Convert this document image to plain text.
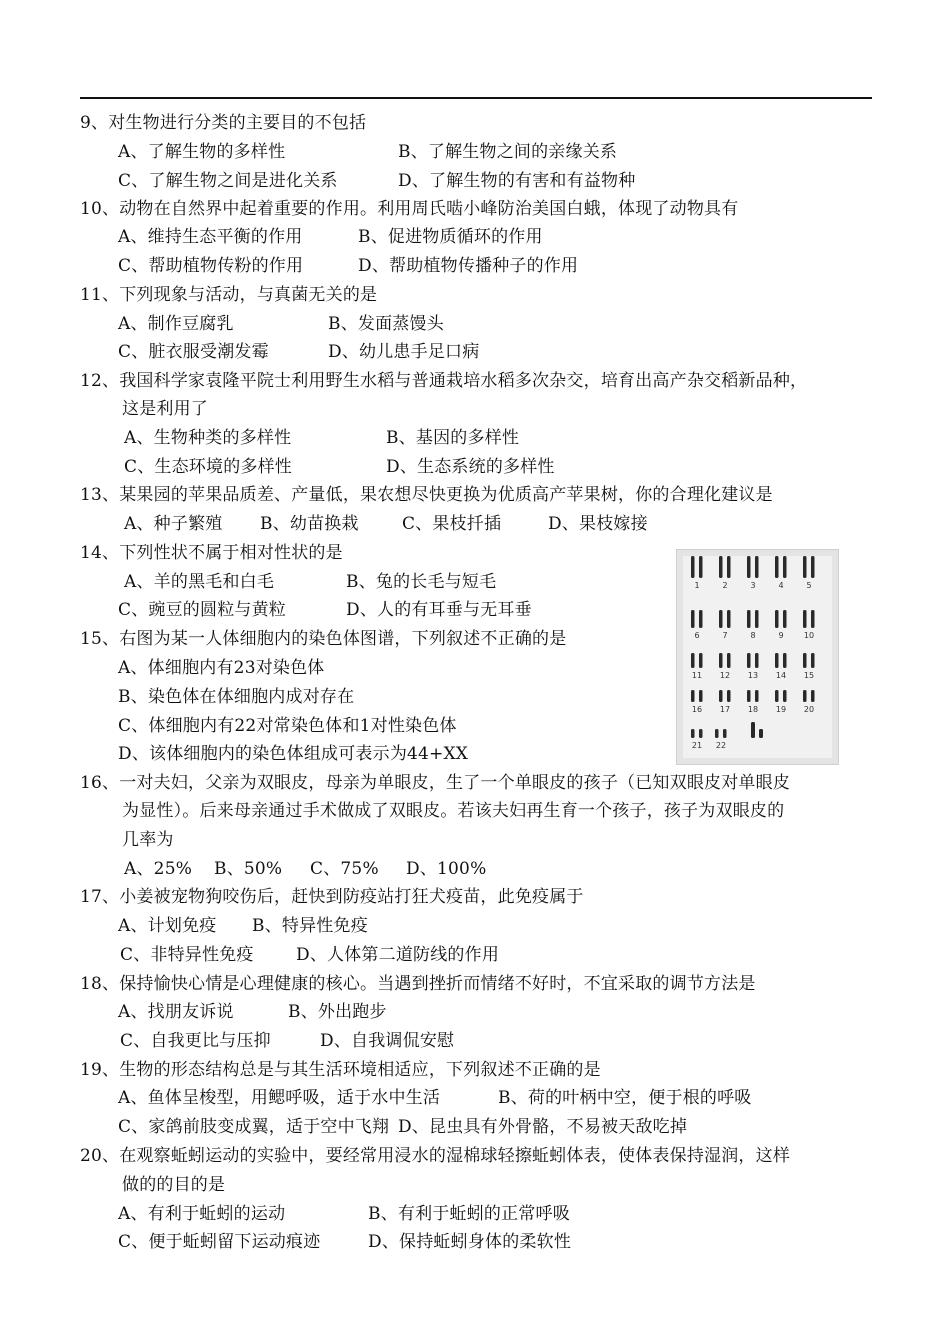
9、对生物进行分类的主要目的不包括
A、了解生物的多样性	B、了解生物之间的亲缘关系
C、了解生物之间是进化关系	D、了解生物的有害和有益物种
10、动物在自然界中起着重要的作用。利用周氏啮小峰防治美国白蛾，体现了动物具有
A、维持生态平衡的作用	B、促进物质循环的作用
C、帮助植物传粉的作用	D、帮助植物传播种子的作用
11、下列现象与活动，与真菌无关的是
A、制作豆腐乳	B、发面蒸馒头
C、脏衣服受潮发霉	D、幼儿患手足口病
12、我国科学家袁隆平院士利用野生水稻与普通栽培水稻多次杂交，培育出高产杂交稻新品种，
这是利用了
A、生物种类的多样性	B、基因的多样性
C、生态环境的多样性	D、生态系统的多样性
13、某果园的苹果品质差、产量低，果农想尽快更换为优质高产苹果树，你的合理化建议是
A、种子繁殖 B、幼苗换栽	C、果枝扦插	D、果枝嫁接
14、下列性状不属于相对性状的是
A、羊的黑毛和白毛	B、兔的长毛与短毛
C、豌豆的圆粒与黄粒	D、人的有耳垂与无耳垂
15、右图为某一人体细胞内的染色体图谱，下列叙述不正确的是
A、体细胞内有23对染色体
B、染色体在体细胞内成对存在
C、体细胞内有22对常染色体和1对性染色体
D、该体细胞内的染色体组成可表示为44+XX
1	2	3	4	5
6	7	8	9	10
11 12 13 14 15
16 17 18 19 20
21 22
16、一对夫妇，父亲为双眼皮，母亲为单眼皮，生了一个单眼皮的孩子（已知双眼皮对单眼皮
为显性）。后来母亲通过手术做成了双眼皮。若该夫妇再生育一个孩子，孩子为双眼皮的
几率为
A、25% B、50% C、75% D、100%
17、小姜被宠物狗咬伤后，赶快到防疫站打狂犬疫苗，此免疫属于
A、计划免疫 B、特异性免疫
C、非特异性免疫 D、人体第二道防线的作用
18、保持愉快心情是心理健康的核心。当遇到挫折而情绪不好时，不宜采取的调节方法是
A、找朋友诉说	B、外出跑步
C、自我更比与压抑	D、自我调侃安慰
19、生物的形态结构总是与其生活环境相适应，下列叙述不正确的是
A、鱼体呈梭型，用鳃呼吸，适于水中生活	B、荷的叶柄中空，便于根的呼吸
C、家鸽前肢变成翼，适于空中飞翔 D、昆虫具有外骨骼，不易被天敌吃掉
20、在观察蚯蚓运动的实验中，要经常用浸水的湿棉球轻擦蚯蚓体表，使体表保持湿润，这样
做的的目的是
A、有利于蚯蚓的运动	B、有利于蚯蚓的正常呼吸
C、便于蚯蚓留下运动痕迹	D、保持蚯蚓身体的柔软性
